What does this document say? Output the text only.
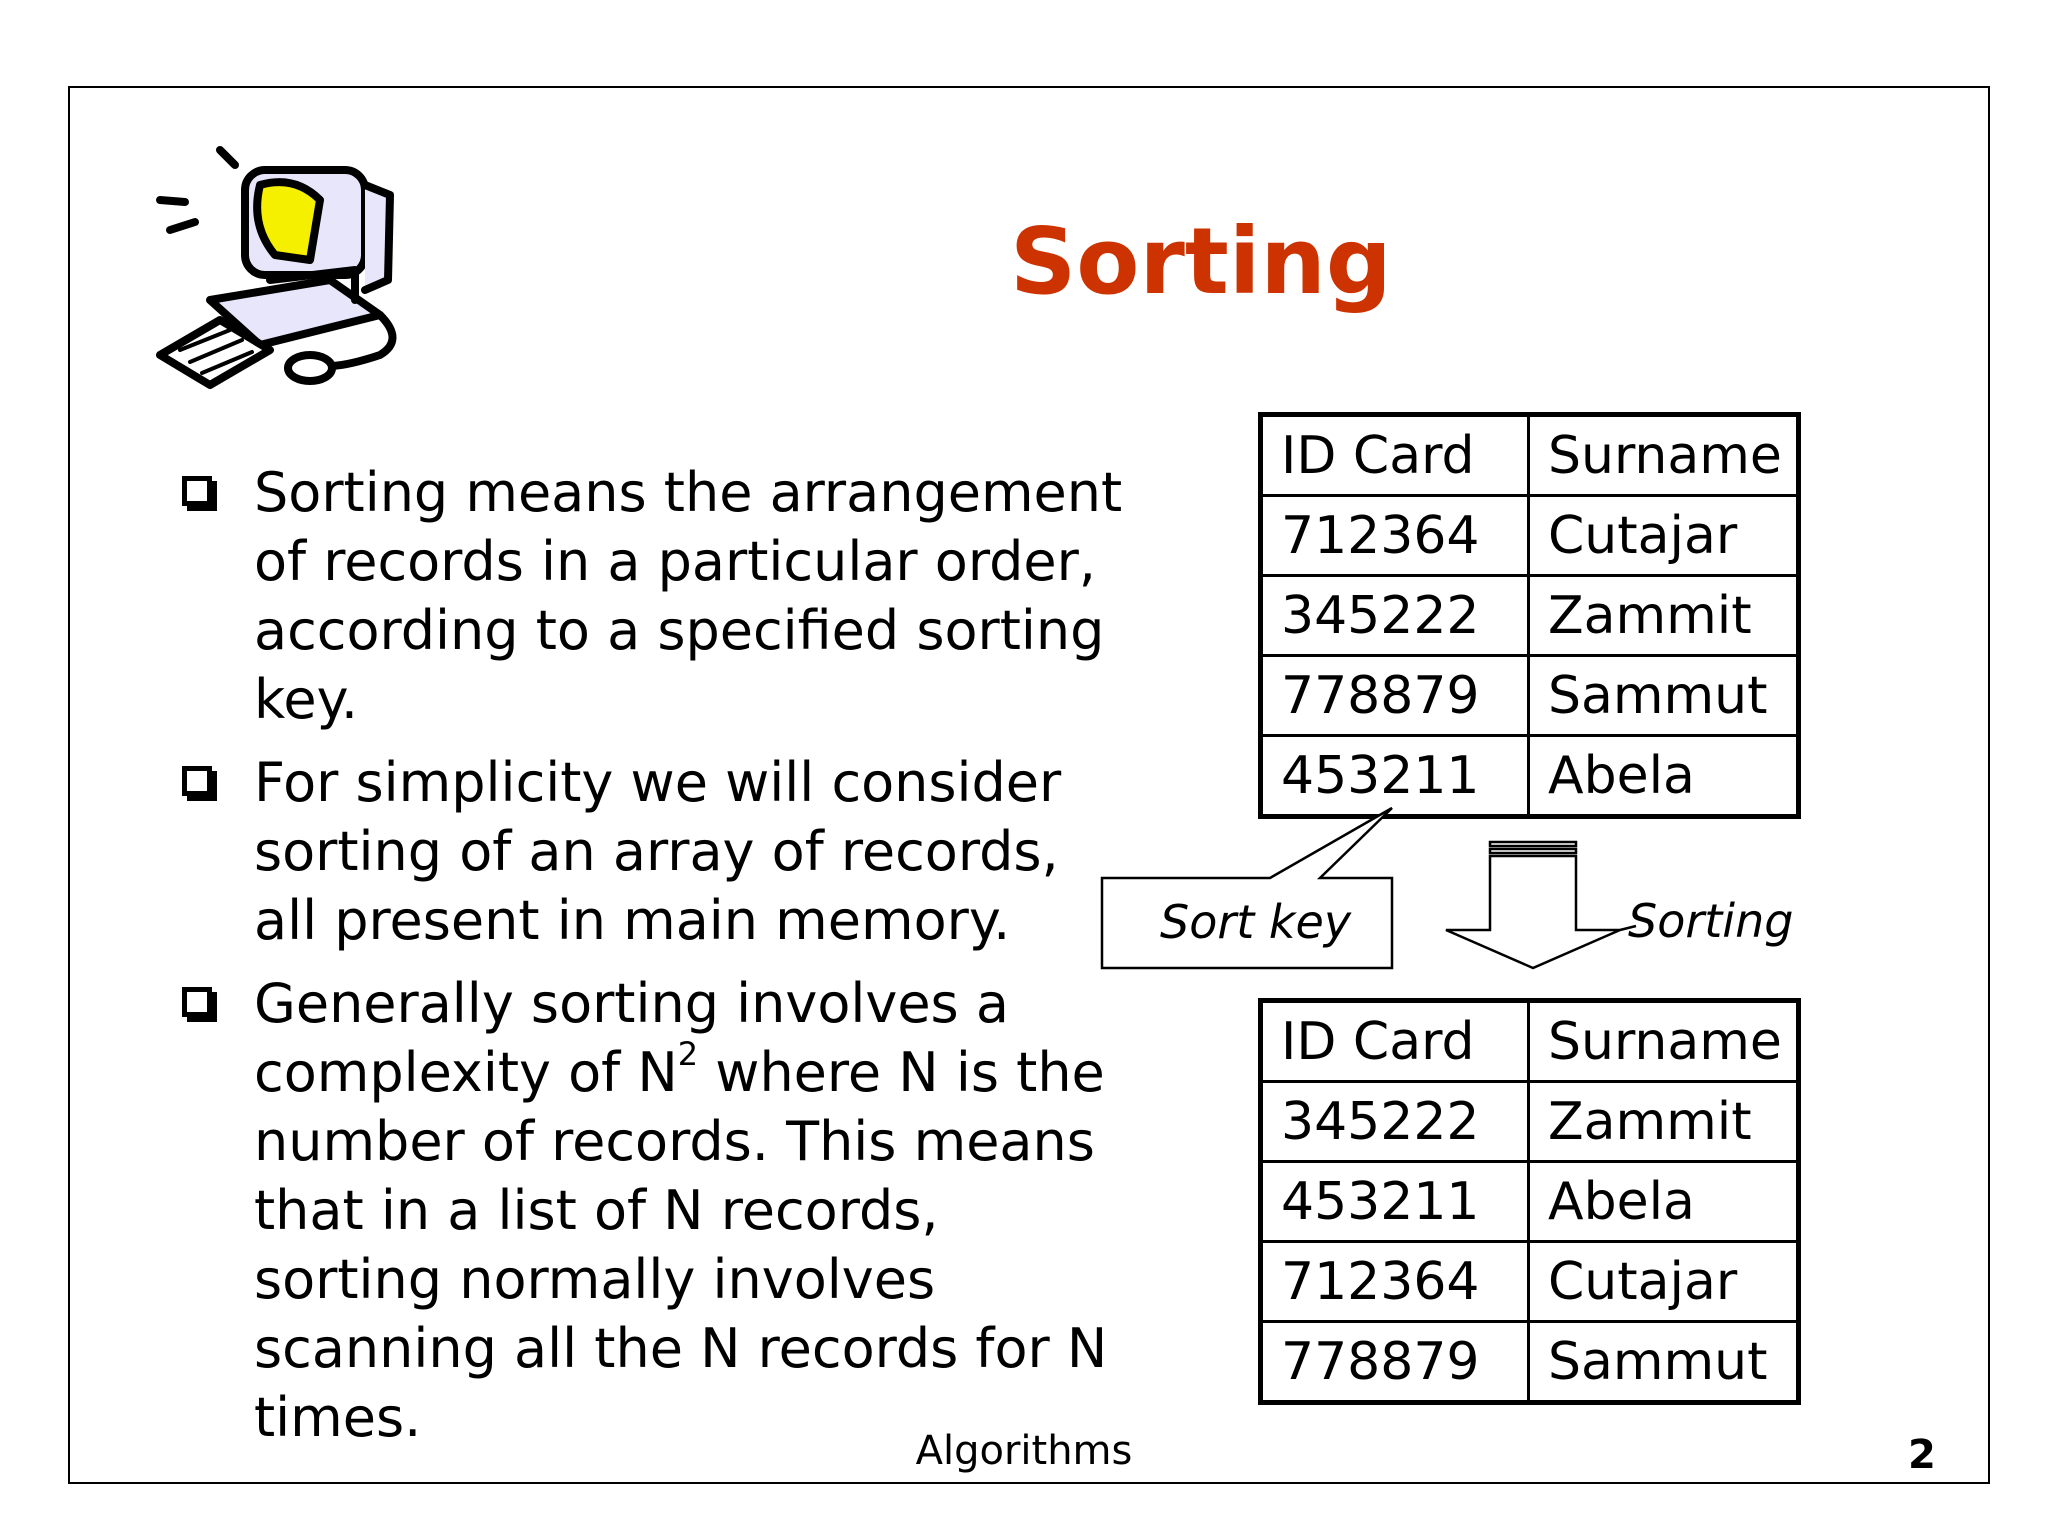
Sorting
Sorting means the arrangement of records in a particular order, according to a specified sorting key.
For simplicity we will consider sorting of an array of records, all present in main memory.
Generally sorting involves a complexity of $N^2$ where N is the number of records. This means that in a list of N records, sorting normally involves scanning all the N records for N times.
ID Card	Surname
712364	Cutajar
345222	Zammit
778879	Sammut
453211	Abela
Sort key	Sorting
ID Card	Surname
345222	Zammit
453211	Abela
712364	Cutajar
778879	Sammut
Algorithms	2
